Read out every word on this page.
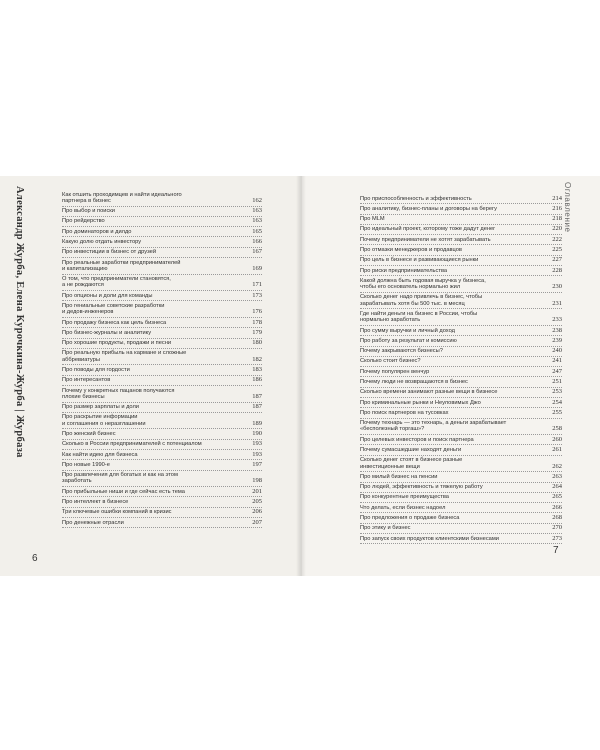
Александр Журба, Елена Курочкина-Журба | Журбаза	Как отшить проходимцев и найти идеального
партнера в бизнес	162
Про выбор и поиски	163
Про рейдерство	163
Про доминаторов и дилдо	165
Какую долю отдать инвестору	166
Про инвестиции в бизнес от друзей	167
Про реальные заработки предпринимателей
и капитализацию	169
О том, что предприниматели становятся,
а не рождаются	171
Про опционы и доли для команды	173
Про гениальные советские разработки
и дедов-инженеров	176
Про продажу бизнеса как цель бизнеса	178
Про бизнес-журналы и аналитику	179
Про хорошие продукты, продажи и песни	180
Про реальную прибыль на кармане и сложные
аббревиатуры	182
Про поводы для гордости	183
Про интересантов	186
Почему у конкретных пацанов получаются
плохие бизнесы	187
Про размер зарплаты и доли	187
Про раскрытие информации
и соглашения о неразглашении	189
Про женский бизнес	190
Сколько в России предпринимателей с потенциалом	193
Как найти идею для бизнеса	193
Про новые 1990-е	197
Про развлечения для богатых и как на этом
заработать	198
Про прибыльные ниши и где сейчас есть тема	201
Про интеллект в бизнесе	205
Три ключевые ошибки компаний в кризис	206
Про денежные отрасли	207
6
Про приспособленность и эффективность	214
Про аналитику, бизнес-планы и договоры на берегу	216
Про MLM	218
Про идеальный проект, которому тоже дадут денег	220
Почему предприниматели не хотят зарабатывать	222
Про отмазки менеджеров и продавцов	225
Про цель в бизнесе и развивающиеся рынки	227
Про риски предпринимательства	228
Какой должна быть годовая выручка у бизнеса,
чтобы его основатель нормально жил	230
Сколько денег надо привлечь в бизнес, чтобы
зарабатывать хотя бы 500 тыс. в месяц	231
Где найти деньги на бизнес в России, чтобы
нормально заработать	233
Про сумму выручки и личный доход	238
Про работу за результат и комиссию	239
Почему закрываются бизнесы?	240
Сколько стоит бизнес?	241
Почему популярен венчур	247
Почему люди не возвращаются в бизнес	251
Сколько времени занимают разные вещи в бизнесе	253
Про криминальные рынки и Неуловимых Джо	254
Про поиск партнеров на тусовках	255
Почему технарь — это технарь, а деньги зарабатывает
«бесполезный торгаш»?	258
Про целевых инвесторов и поиск партнера	260
Почему сумасшедшие находят деньги	261
Сколько денег стоят в бизнесе разные
инвестиционные вещи	262
Про милый бизнес на пенсии	263
Про людей, эффективность и тяжелую работу	264
Про конкурентные преимущества	265
Что делать, если бизнес надоел	266
Про предложения о продаже бизнеса	268
Про этику и бизнес	270
Про запуск своих продуктов клиентскими бизнесами	273
Оглавление
7
